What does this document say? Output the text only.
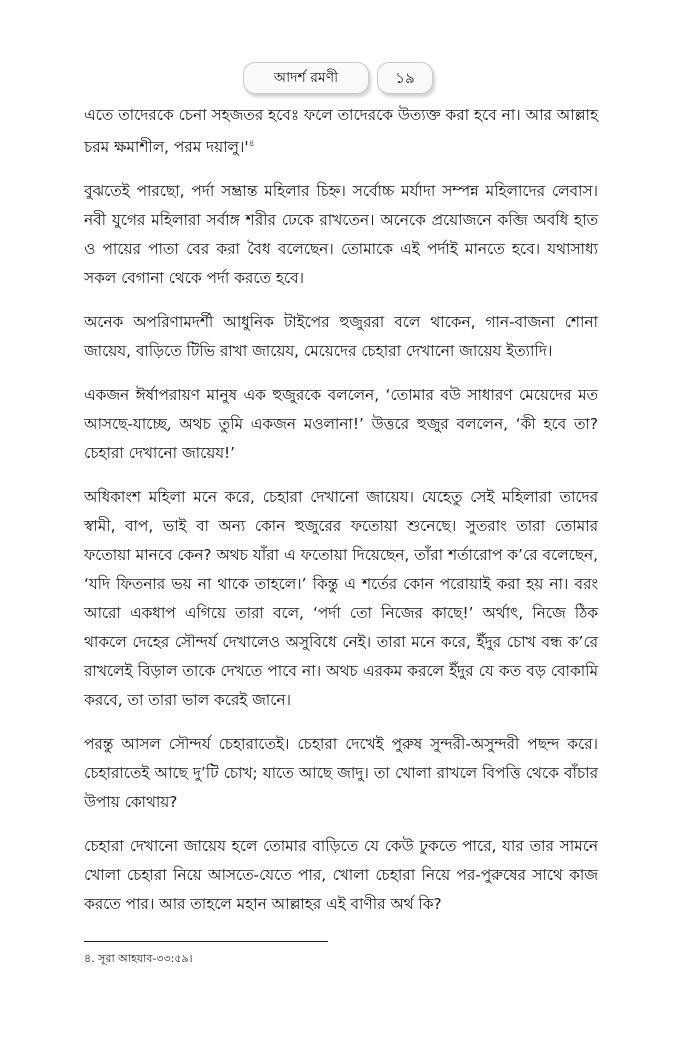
আদর্শ রমণী	১৯

এতে তাদেরকে চেনা সহজতর হবেঃ ফলে তাদেরকে উত্যক্ত করা হবে না। আর আল্লাহ চরম ক্ষমাশীল, পরম $দয়ালু।'^৪$

বুঝতেই পারছো, পর্দা সম্ভ্রান্ত মহিলার চিহ্ন। সর্বোচ্চ মর্যাদা সম্পন্ন মহিলাদের লেবাস। নবী যুগের মহিলারা সর্বাঙ্গ শরীর ঢেকে রাখতেন। অনেকে প্রয়োজনে কব্জি অবধি হাত ও পায়ের পাতা বের করা বৈধ বলেছেন। তোমাকে এই পর্দাই মানতে হবে। যথাসাধ্য সকল বেগানা থেকে পর্দা করতে হবে।

অনেক অপরিণামদর্শী আধুনিক টাইপের হুজুররা বলে থাকেন, গান-বাজনা শোনা জায়েয, বাড়িতে টিভি রাখা জায়েয, মেয়েদের চেহারা দেখানো জায়েয ইত্যাদি।

একজন ঈর্ষাপরায়ণ মানুষ এক হুজুরকে বললেন, ‘তোমার বউ সাধারণ মেয়েদের মত আসছে-যাচ্ছে, অথচ তুমি একজন মওলানা!’ উত্তরে হুজুর বললেন, ‘কী হবে তা? চেহারা দেখানো জায়েয!’

অধিকাংশ মহিলা মনে করে, চেহারা দেখানো জায়েয। যেহেতু সেই মহিলারা তাদের স্বামী, বাপ, ভাই বা অন্য কোন হুজুরের ফতোয়া শুনেছে। সুতরাং তারা তোমার ফতোয়া মানবে কেন? অথচ যাঁরা এ ফতোয়া দিয়েছেন, তাঁরা শর্তারোপ ক’রে বলেছেন, ‘যদি ফিতনার ভয় না থাকে তাহলে।’ কিন্তু এ শর্তের কোন পরোয়াই করা হয় না। বরং আরো একধাপ এগিয়ে তারা বলে, ‘পর্দা তো নিজের কাছে!’ অর্থাৎ, নিজে ঠিক থাকলে দেহের সৌন্দর্য দেখালেও অসুবিধে নেই। তারা মনে করে, ইঁদুর চোখ বন্ধ ক’রে রাখলেই বিড়াল তাকে দেখতে পাবে না। অথচ এরকম করলে ইঁদুর যে কত বড় বোকামি করবে, তা তারা ভাল করেই জানে।

পরন্তু আসল সৌন্দর্য চেহারাতেই। চেহারা দেখেই পুরুষ সুন্দরী-অসুন্দরী পছন্দ করে। চেহারাতেই আছে দু’টি চোখ; যাতে আছে জাদু। তা খোলা রাখলে বিপত্তি থেকে বাঁচার উপায় কোথায়?

চেহারা দেখানো জায়েয হলে তোমার বাড়িতে যে কেউ ঢুকতে পারে, যার তার সামনে খোলা চেহারা নিয়ে আসতে-যেতে পার, খোলা চেহারা নিয়ে পর-পুরুষের সাথে কাজ করতে পার। আর তাহলে মহান আল্লাহর এই বাণীর অর্থ কি?

৪. সূরা আহযাব-৩৩:৫৯।
